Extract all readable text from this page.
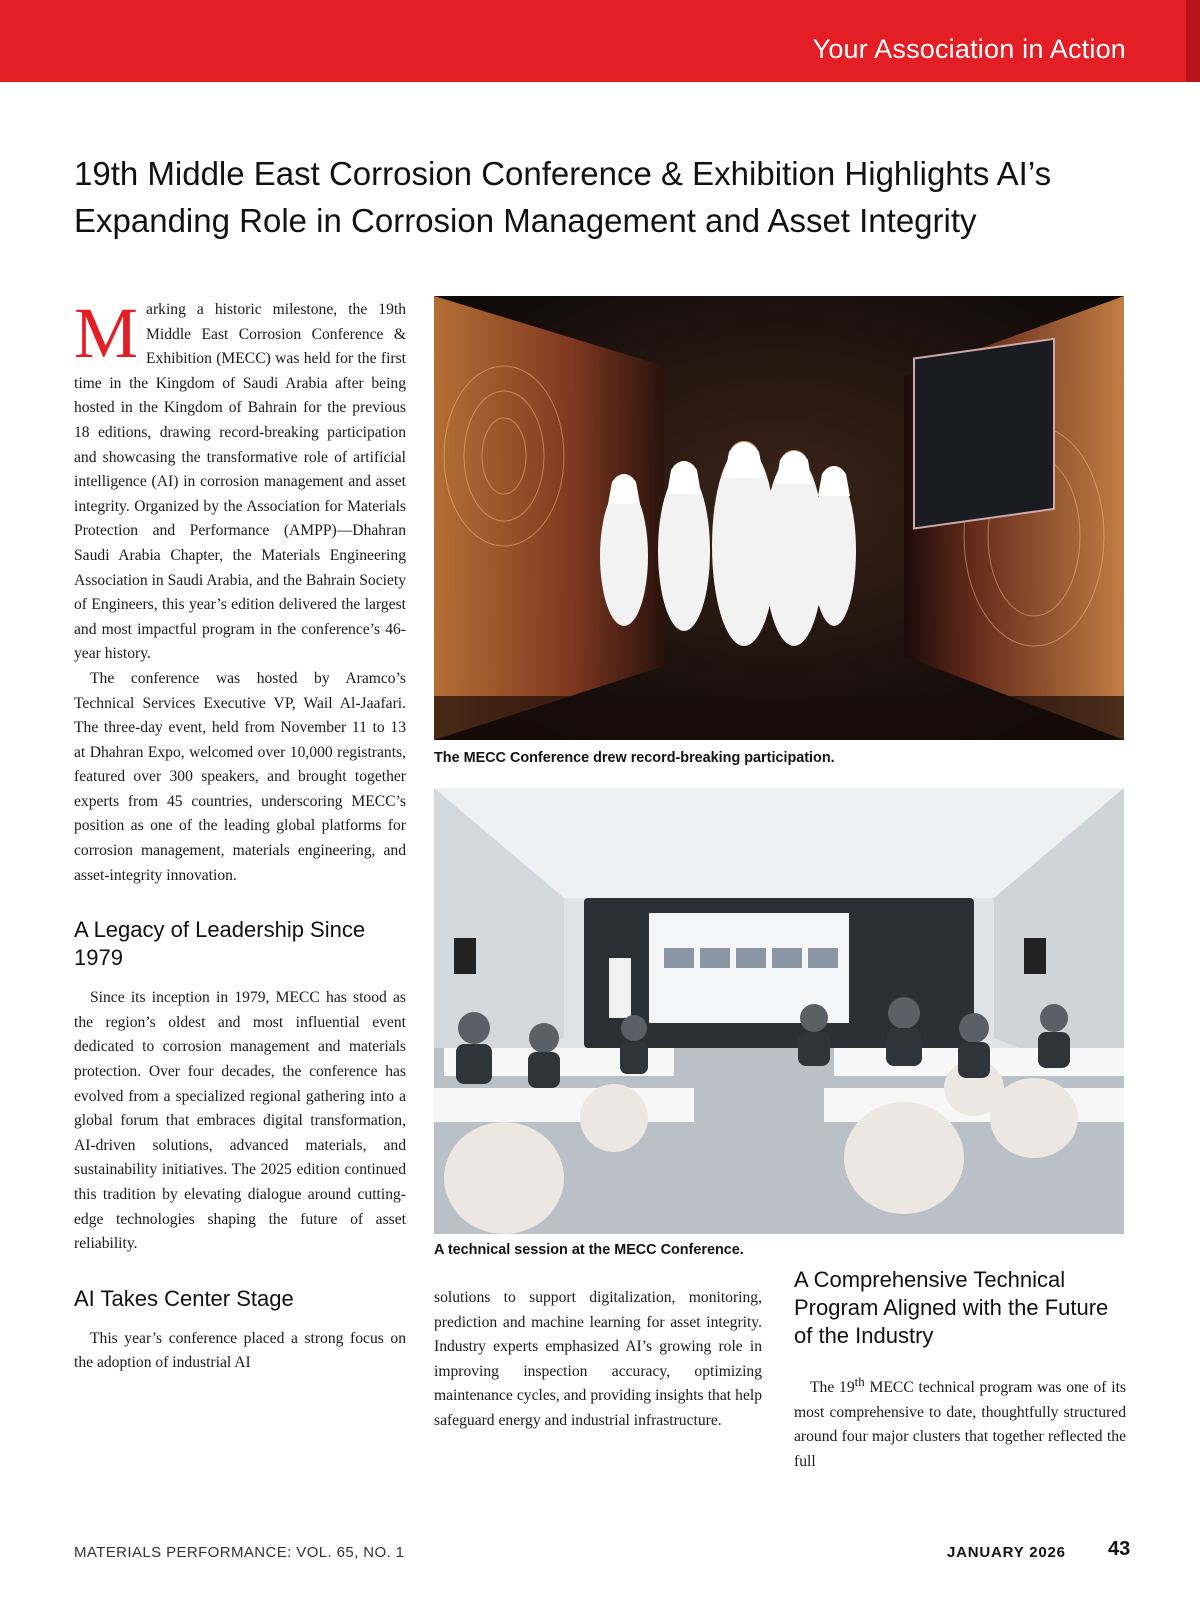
Your Association in Action
19th Middle East Corrosion Conference & Exhibition Highlights AI’s Expanding Role in Corrosion Management and Asset Integrity

Marking a historic milestone, the 19th Middle East Corrosion Conference & Exhibition (MECC) was held for the first time in the Kingdom of Saudi Arabia after being hosted in the Kingdom of Bahrain for the previous 18 editions, drawing record-breaking participation and showcasing the transformative role of artificial intelligence (AI) in corrosion management and asset integrity. Organized by the Association for Materials Protection and Performance (AMPP)—Dhahran Saudi Arabia Chapter, the Materials Engineering Association in Saudi Arabia, and the Bahrain Society of Engineers, this year’s edition delivered the largest and most impactful program in the conference’s 46-year history.

The conference was hosted by Aramco’s Technical Services Executive VP, Wail Al-Jaafari. The three-day event, held from November 11 to 13 at Dhahran Expo, welcomed over 10,000 registrants, featured over 300 speakers, and brought together experts from 45 countries, underscoring MECC’s position as one of the leading global platforms for corrosion management, materials engineering, and asset-integrity innovation.

A Legacy of Leadership Since 1979

Since its inception in 1979, MECC has stood as the region’s oldest and most influential event dedicated to corrosion management and materials protection. Over four decades, the conference has evolved from a specialized regional gathering into a global forum that embraces digital transformation, AI-driven solutions, advanced materials, and sustainability initiatives. The 2025 edition continued this tradition by elevating dialogue around cutting-edge technologies shaping the future of asset reliability.

AI Takes Center Stage

This year’s conference placed a strong focus on the adoption of industrial AI

The MECC Conference drew record-breaking participation.
A technical session at the MECC Conference.

solutions to support digitalization, monitoring, prediction and machine learning for asset integrity. Industry experts emphasized AI’s growing role in improving inspection accuracy, optimizing maintenance cycles, and providing insights that help safeguard energy and industrial infrastructure.

A Comprehensive Technical Program Aligned with the Future of the Industry

The 19th MECC technical program was one of its most comprehensive to date, thoughtfully structured around four major clusters that together reflected the full

MATERIALS PERFORMANCE: VOL. 65, NO. 1	JANUARY 2026 43
